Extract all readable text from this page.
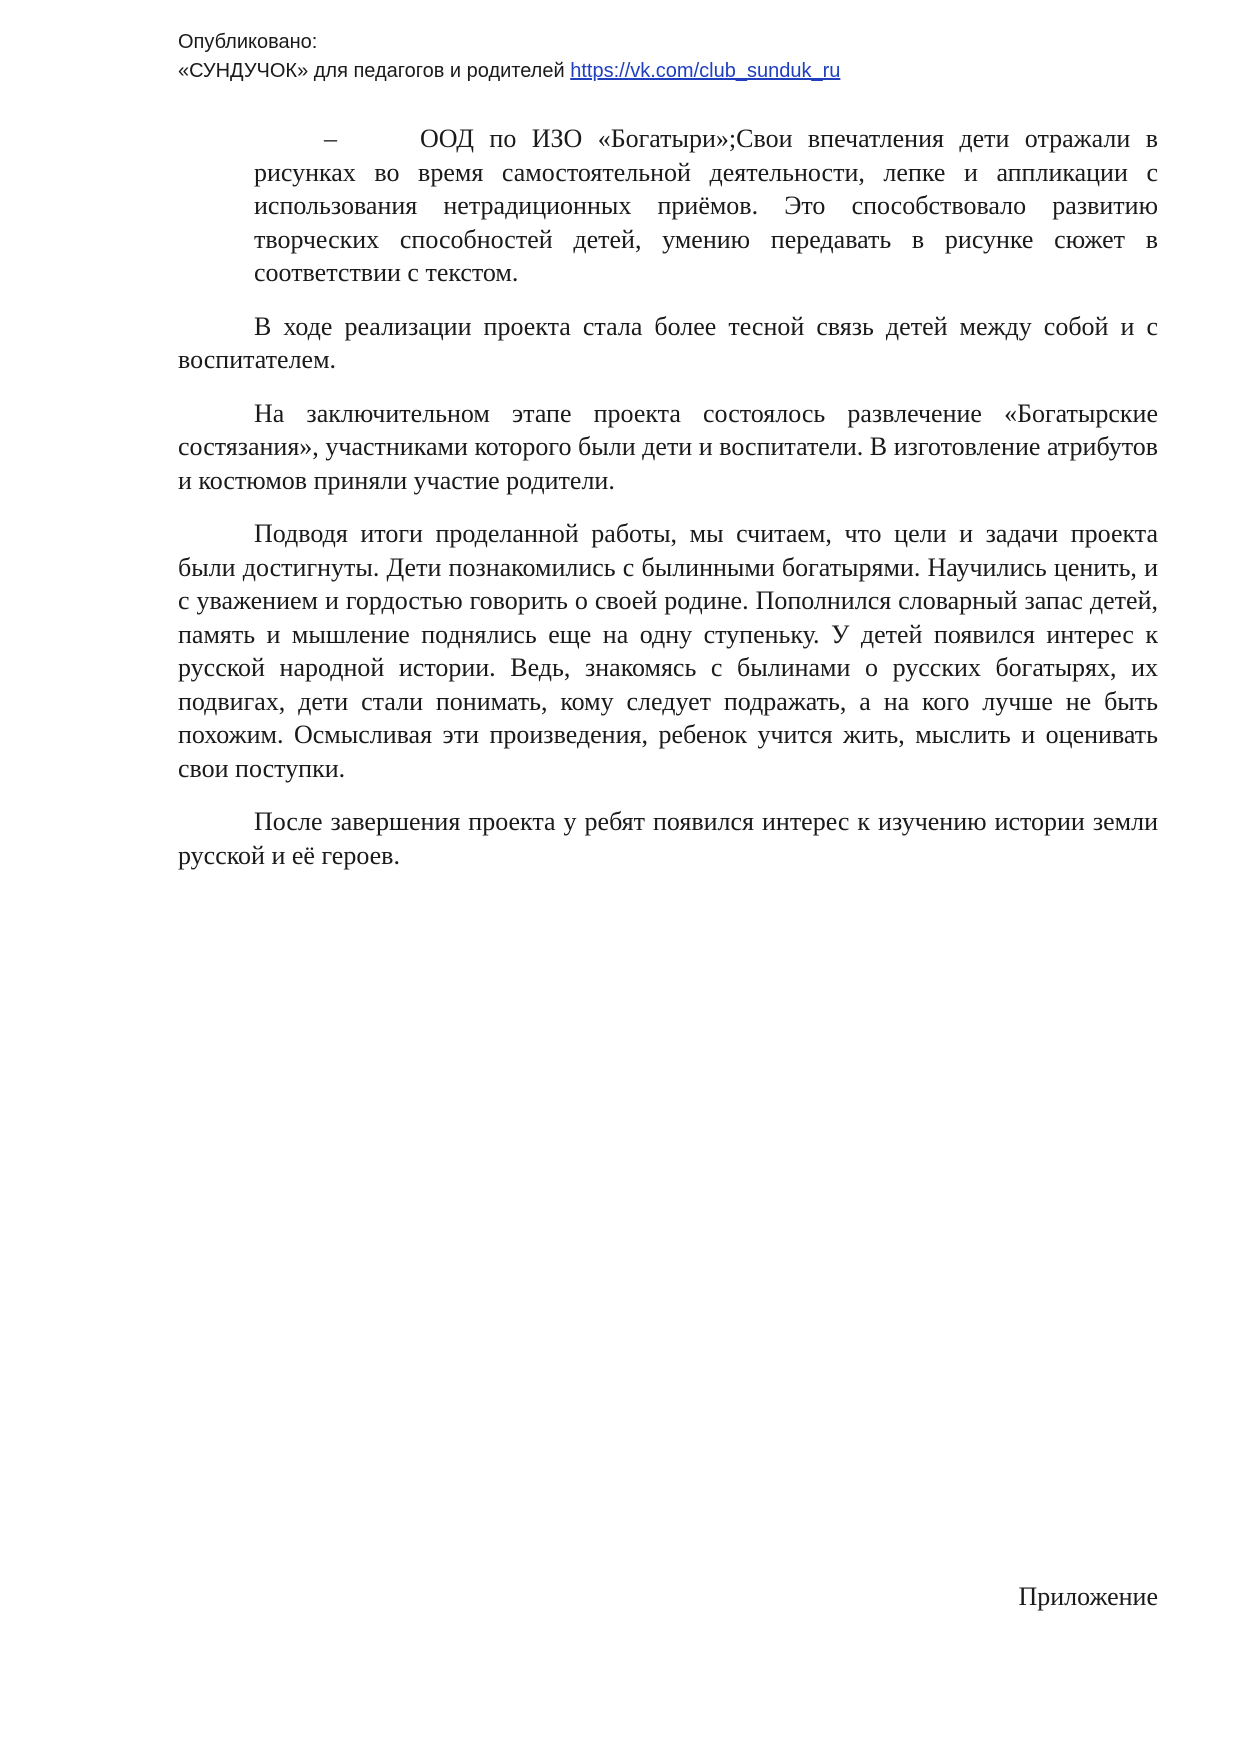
Опубликовано:
«СУНДУЧОК» для педагогов и родителей https://vk.com/club_sunduk_ru

–	ООД по ИЗО «Богатыри»;Свои впечатления дети отражали в рисунках во время самостоятельной деятельности, лепке и аппликации с использования нетрадиционных приёмов. Это способствовало развитию творческих способностей детей, умению передавать в рисунке сюжет в соответствии с текстом.

В ходе реализации проекта стала более тесной связь детей между собой и с воспитателем.

На заключительном этапе проекта состоялось развлечение «Богатырские состязания», участниками которого были дети и воспитатели. В изготовление атрибутов и костюмов приняли участие родители.

Подводя итоги проделанной работы, мы считаем, что цели и задачи проекта были достигнуты. Дети познакомились с былинными богатырями. Научились ценить, и с уважением и гордостью говорить о своей родине. Пополнился словарный запас детей, память и мышление поднялись еще на одну ступеньку. У детей появился интерес к русской народной истории. Ведь, знакомясь с былинами о русских богатырях, их подвигах, дети стали понимать, кому следует подражать, а на кого лучше не быть похожим. Осмысливая эти произведения, ребенок учится жить, мыслить и оценивать свои поступки.

После завершения проекта у ребят появился интерес к изучению истории земли русской и её героев.

Приложение
